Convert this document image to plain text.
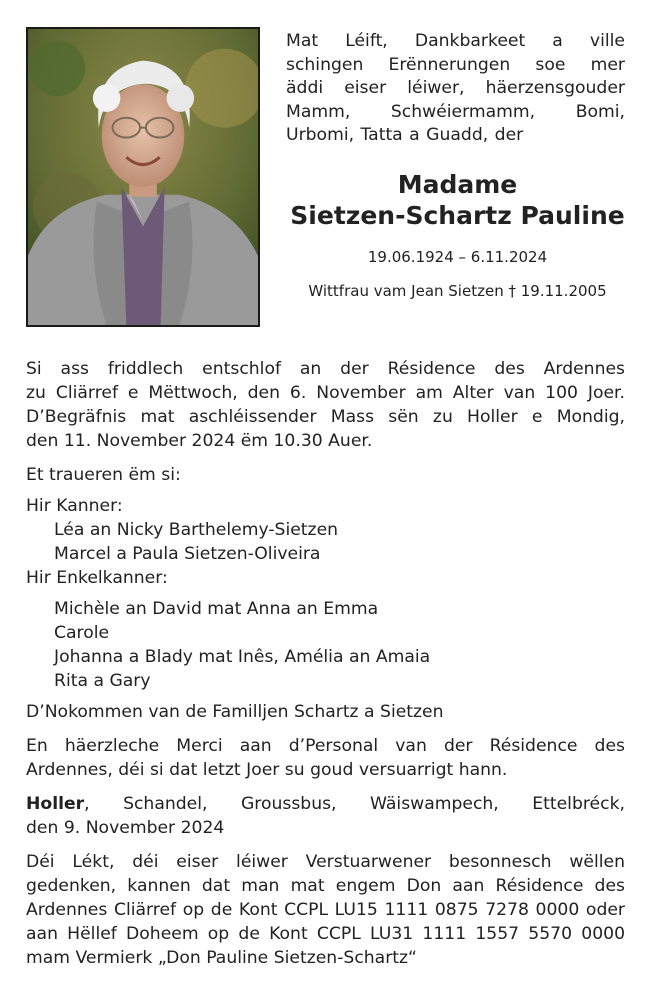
Mat Léift, Dankbarkeet a ville
schingen Erënnerungen soe mer
äddi eiser léiwer, häerzensgouder
Mamm, Schwéiermamm, Bomi,
Urbomi, Tatta a Guadd, der
Madame
Sietzen-Schartz Pauline
19.06.1924 – 6.11.2024
Wittfrau vam Jean Sietzen † 19.11.2005
Si ass friddlech entschlof an der Résidence des Ardennes
zu Cliärref e Mëttwoch, den 6. November am Alter van 100 Joer.
D’Begräfnis mat aschléissender Mass sën zu Holler e Mondig,
den 11. November 2024 ëm 10.30 Auer.
Et traueren ëm si:
Hir Kanner:
Léa an Nicky Barthelemy-Sietzen
Marcel a Paula Sietzen-Oliveira
Hir Enkelkanner:
Michèle an David mat Anna an Emma
Carole
Johanna a Blady mat Inês, Amélia an Amaia
Rita a Gary
D’Nokommen van de Familljen Schartz a Sietzen
En häerzleche Merci aan d’Personal van der Résidence des
Ardennes, déi si dat letzt Joer su goud versuarrigt hann.
Holler, Schandel, Groussbus, Wäiswampech, Ettelbréck,
den 9. November 2024
Déi Lékt, déi eiser léiwer Verstuarwener besonnesch wëllen
gedenken, kannen dat man mat engem Don aan Résidence des
Ardennes Cliärref op de Kont CCPL LU15 1111 0875 7278 0000 oder
aan Hëllef Doheem op de Kont CCPL LU31 1111 1557 5570 0000
mam Vermierk „Don Pauline Sietzen-Schartz“
